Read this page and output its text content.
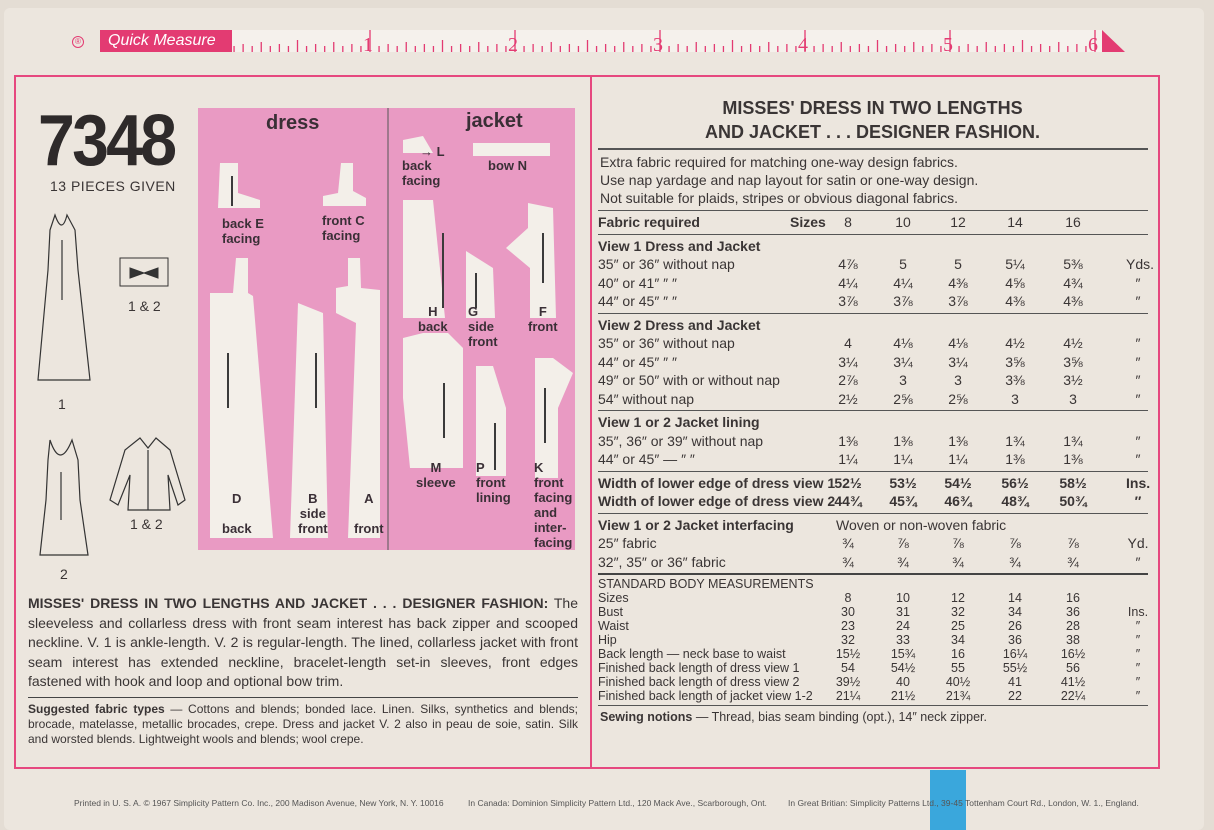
®	Quick Measure	1	2	3	4	5	6
7348
13 PIECES GIVEN
1
1 & 2
2
1 & 2
dress	jacket
back E
facing
front C
facing
D
back
B
side
front
A

front
→ L
back
facing
bow N
H
back
G
side
front
F
front
M
sleeve
P
front
lining
K
front
facing
and
inter-
facing
MISSES' DRESS IN TWO LENGTHS AND JACKET . . . DESIGNER FASHION: The sleeveless and collarless dress with front seam interest has back zipper and scooped neckline. V. 1 is ankle-length. V. 2 is regular-length. The lined, collarless jacket with front seam interest has extended neckline, bracelet-length set-in sleeves, front edges fastened with hook and loop and optional bow trim.
Suggested fabric types — Cottons and blends; bonded lace. Linen. Silks, synthetics and blends; brocade, matelasse, metallic brocades, crepe. Dress and jacket V. 2 also in peau de soie, satin. Silk and worsted blends. Lightweight wools and blends; wool crepe.
MISSES' DRESS IN TWO LENGTHS
AND JACKET . . . DESIGNER FASHION.
Extra fabric required for matching one-way design fabrics.
Use nap yardage and nap layout for satin or one-way design.
Not suitable for plaids, stripes or obvious diagonal fabrics.
Fabric required	Sizes	8	10	12	14	16
View 1 Dress and Jacket
35″ or 36″ without nap	4⅞	5	5	5¼	5⅜	Yds.
40″ or 41″ ″ ″	4¼	4¼	4⅜	4⅝	4¾	″
44″ or 45″ ″ ″	3⅞	3⅞	3⅞	4⅜	4⅜	″
View 2 Dress and Jacket
35″ or 36″ without nap	4	4⅛	4⅛	4½	4½	″
44″ or 45″ ″ ″	3¼	3¼	3¼	3⅝	3⅝	″
49″ or 50″ with or without nap	2⅞	3	3	3⅜	3½	″
54″ without nap	2½	2⅝	2⅝	3	3	″
View 1 or 2 Jacket lining
35″, 36″ or 39″ without nap	1⅜	1⅜	1⅜	1¾	1¾	″
44″ or 45″ — ″ ″	1¼	1¼	1¼	1⅜	1⅜	″
Width of lower edge of dress view 1 52½	53½	54½	56½	58½	Ins.
Width of lower edge of dress view 2 44¾	45¾	46¾	48¾	50¾	″
View 1 or 2 Jacket interfacing	Woven or non-woven fabric
25″ fabric	¾	⅞	⅞	⅞	⅞	Yd.
32″, 35″ or 36″ fabric	¾	¾	¾	¾	¾	″
STANDARD BODY MEASUREMENTS
Sizes	8	10	12	14	16
Bust	30	31	32	34	36	Ins.
Waist	23	24	25	26	28	″
Hip	32	33	34	36	38	″
Back length — neck base to waist	15½	15¾	16	16¼	16½	″
Finished back length of dress view 1	54	54½	55	55½	56	″
Finished back length of dress view 2	39½	40	40½	41	41½	″
Finished back length of jacket view 1-2	21¼	21½	21¾	22	22¼	″
Sewing notions — Thread, bias seam binding (opt.), 14″ neck zipper.
Printed in U. S. A. © 1967 Simplicity Pattern Co. Inc., 200 Madison Avenue, New York, N. Y. 10016	In Canada: Dominion Simplicity Pattern Ltd., 120 Mack Ave., Scarborough, Ont. In Great Britian: Simplicity Patterns Ltd., 39-45 Tottenham Court Rd., London, W. 1., England.
